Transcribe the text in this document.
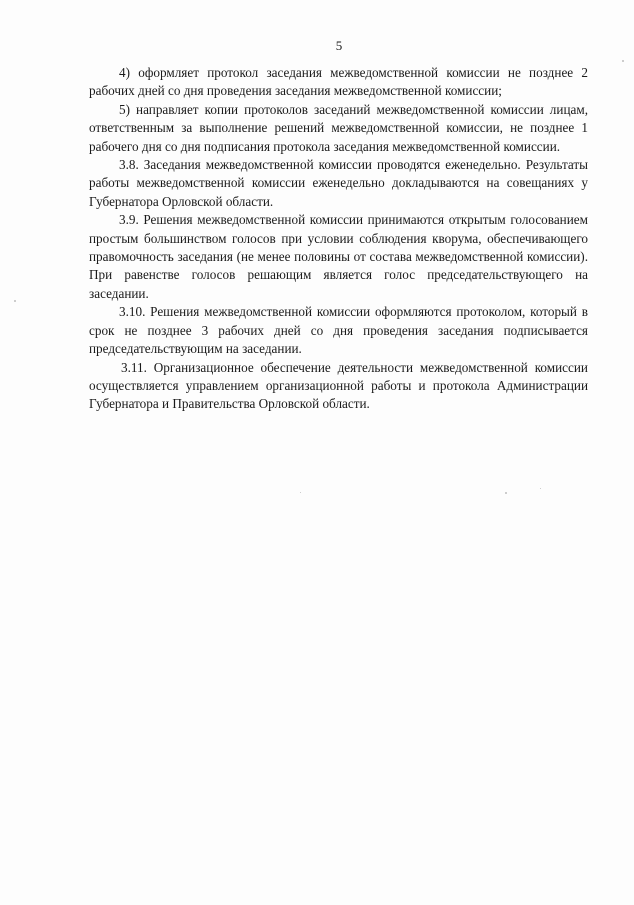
5

4) оформляет протокол заседания межведомственной комиссии не позднее 2 рабочих дней со дня проведения заседания межведомственной комиссии;

5) направляет копии протоколов заседаний межведомственной комиссии лицам, ответственным за выполнение решений межведомственной комиссии, не позднее 1 рабочего дня со дня подписания протокола заседания межведомственной комиссии.

3.8. Заседания межведомственной комиссии проводятся еженедельно. Результаты работы межведомственной комиссии еженедельно докладываются на совещаниях у Губернатора Орловской области.

3.9. Решения межведомственной комиссии принимаются открытым голосованием простым большинством голосов при условии соблюдения кворума, обеспечивающего правомочность заседания (не менее половины от состава межведомственной комиссии). При равенстве голосов решающим является голос председательствующего на заседании.

3.10. Решения межведомственной комиссии оформляются протоколом, который в срок не позднее 3 рабочих дней со дня проведения заседания подписывается председательствующим на заседании.

3.11. Организационное обеспечение деятельности межведомственной комиссии осуществляется управлением организационной работы и протокола Администрации Губернатора и Правительства Орловской области.
